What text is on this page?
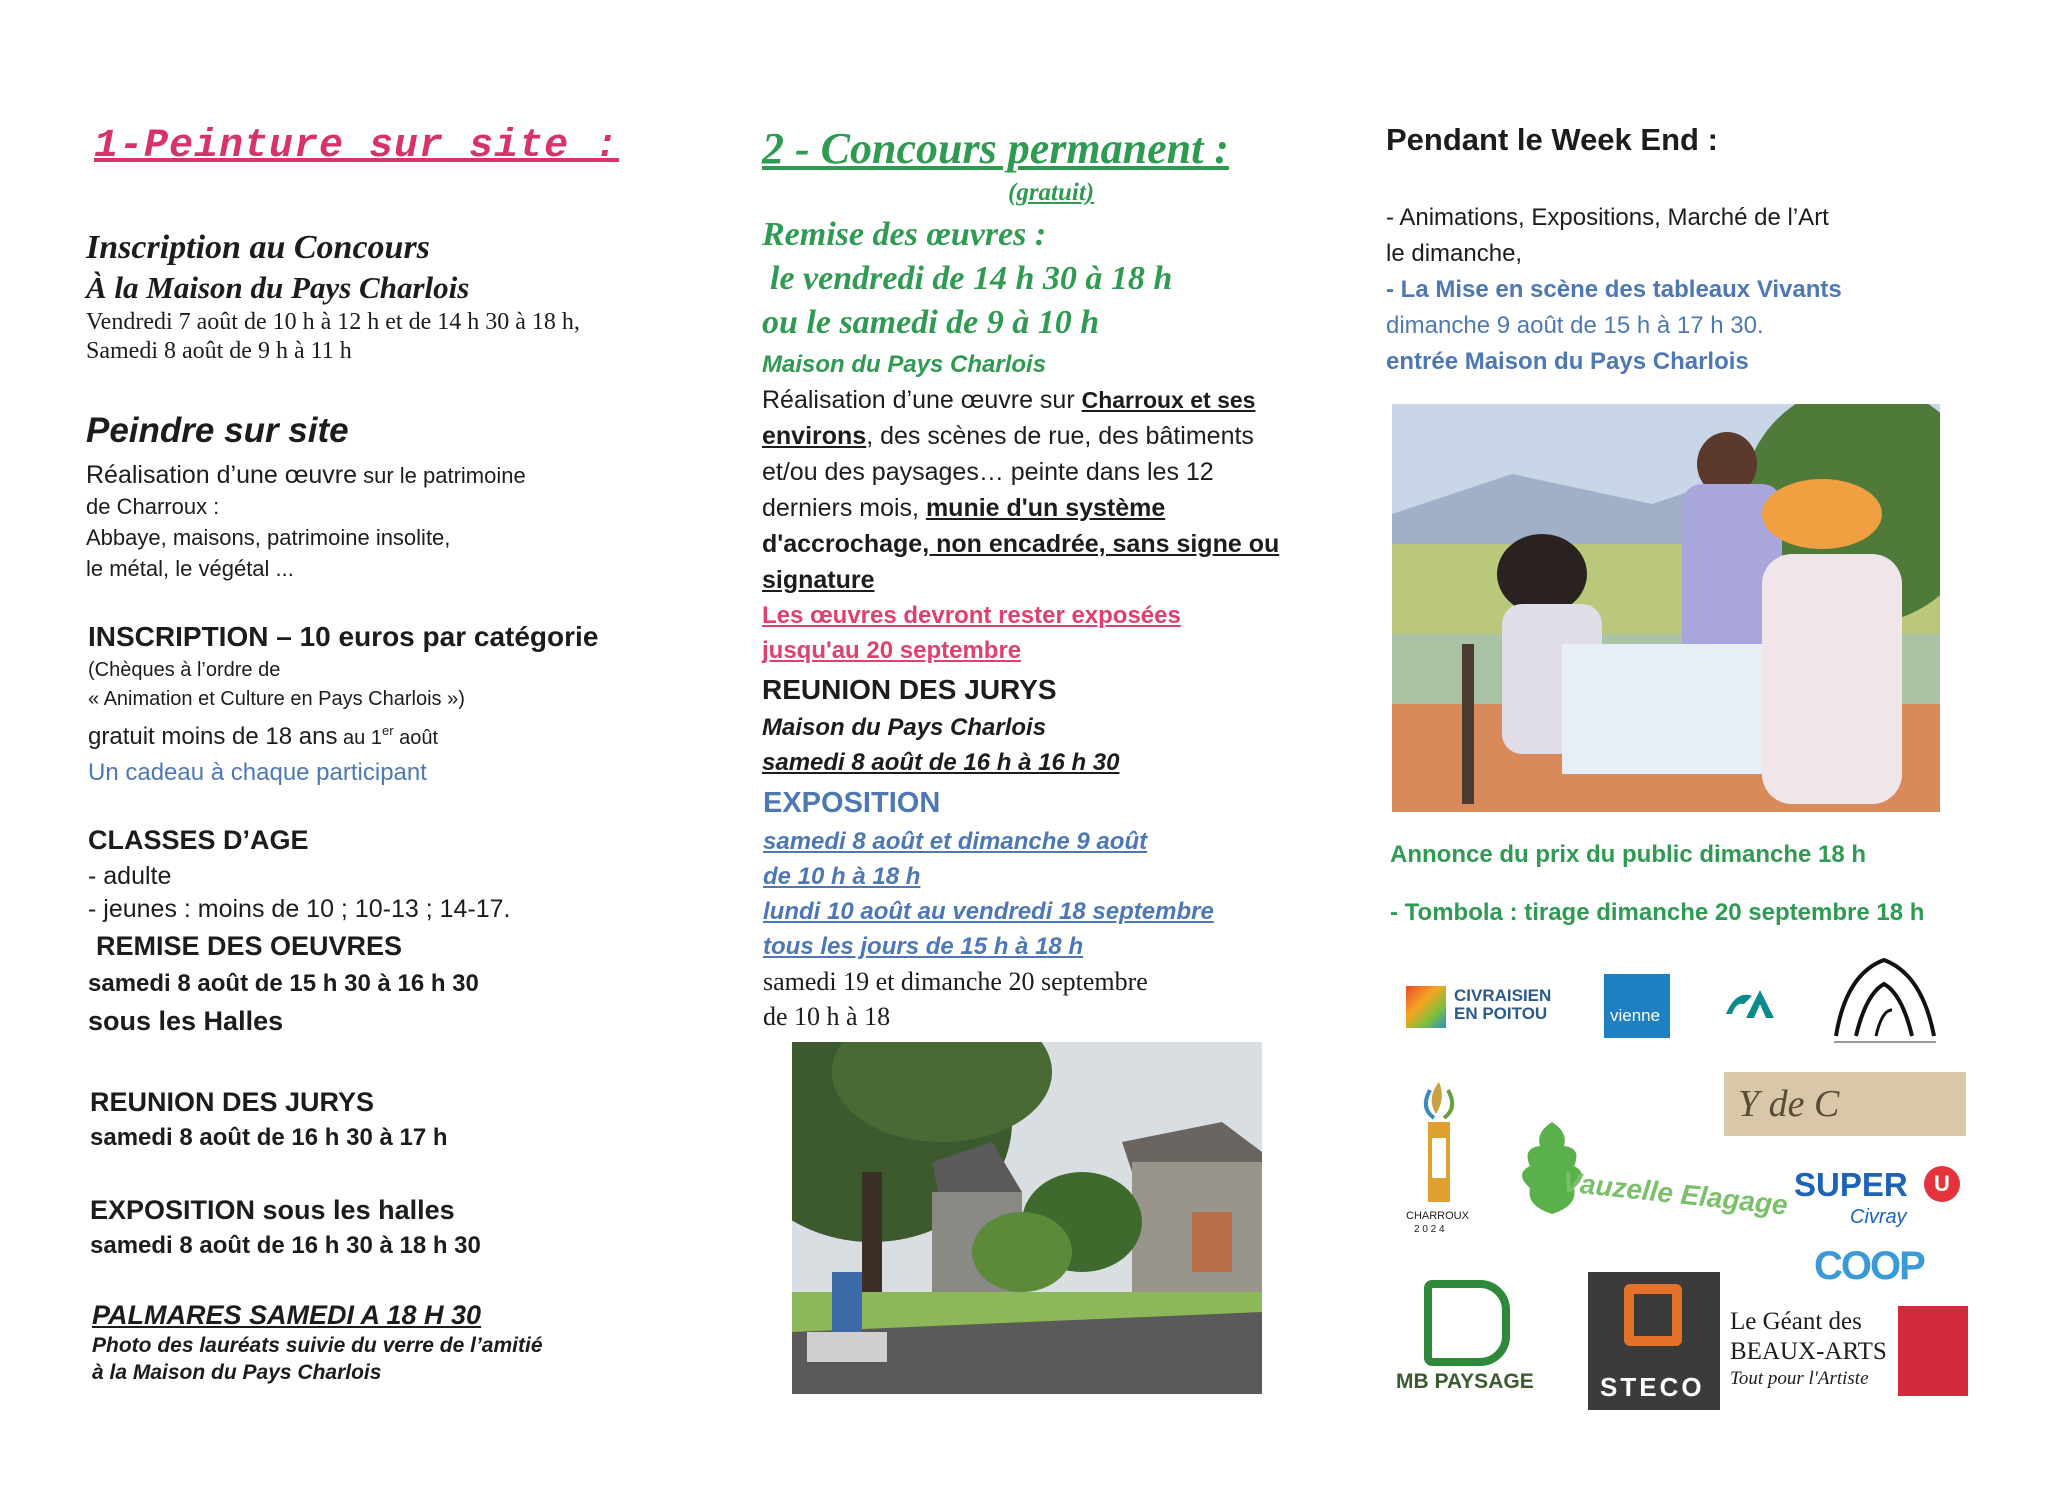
1-Peinture sur site :

Inscription au Concours

À la Maison du Pays Charlois

Vendredi 7 août de 10 h à 12 h et de 14 h 30 à 18 h,

Samedi 8 août de 9 h à 11 h

Peindre sur site

Réalisation d’une œuvre sur le patrimoine

de Charroux :

Abbaye, maisons, patrimoine insolite,

le métal, le végétal ...

INSCRIPTION – 10 euros par catégorie

(Chèques à l’ordre de

« Animation et Culture en Pays Charlois »)

gratuit moins de 18 ans au 1er août

Un cadeau à chaque participant

CLASSES D’AGE

- adulte

- jeunes : moins de 10 ; 10-13 ; 14-17.

REMISE DES OEUVRES

samedi 8 août de 15 h 30 à 16 h 30

sous les Halles

REUNION DES JURYS

samedi 8 août de 16 h 30 à 17 h

EXPOSITION sous les halles

samedi 8 août de 16 h 30 à 18 h 30

PALMARES SAMEDI A 18 H 30

Photo des lauréats suivie du verre de l’amitié

à la Maison du Pays Charlois

2 - Concours permanent :

(gratuit)

Remise des œuvres :

le vendredi de 14 h 30 à 18 h

ou le samedi de 9 à 10 h

Maison du Pays Charlois

Réalisation d’une œuvre sur Charroux et ses

environs, des scènes de rue, des bâtiments

et/ou des paysages… peinte dans les 12

derniers mois, munie d'un système

d'accrochage, non encadrée, sans signe ou

signature

Les œuvres devront rester exposées

jusqu'au 20 septembre

REUNION DES JURYS

Maison du Pays Charlois

samedi 8 août de 16 h à 16 h 30

EXPOSITION

samedi 8 août et dimanche 9 août

de 10 h à 18 h

lundi 10 août au vendredi 18 septembre

tous les jours de 15 h à 18 h

samedi 19 et dimanche 20 septembre

de 10 h à 18

Pendant le Week End :

- Animations, Expositions, Marché de l’Art

le dimanche,

- La Mise en scène des tableaux Vivants

dimanche 9 août de 15 h à 17 h 30.

entrée Maison du Pays Charlois

Annonce du prix du public dimanche 18 h

- Tombola : tirage dimanche 20 septembre 18 h

CIVRAISIEN
EN POITOU	vienne
Y de C
CHARROUX
2 0 2 4
Vauzelle Elagage SUPER	U
Civray
COOP
MB PAYSAGE	STECO
Le Géant des
BEAUX-ARTS
Tout pour l'Artiste
